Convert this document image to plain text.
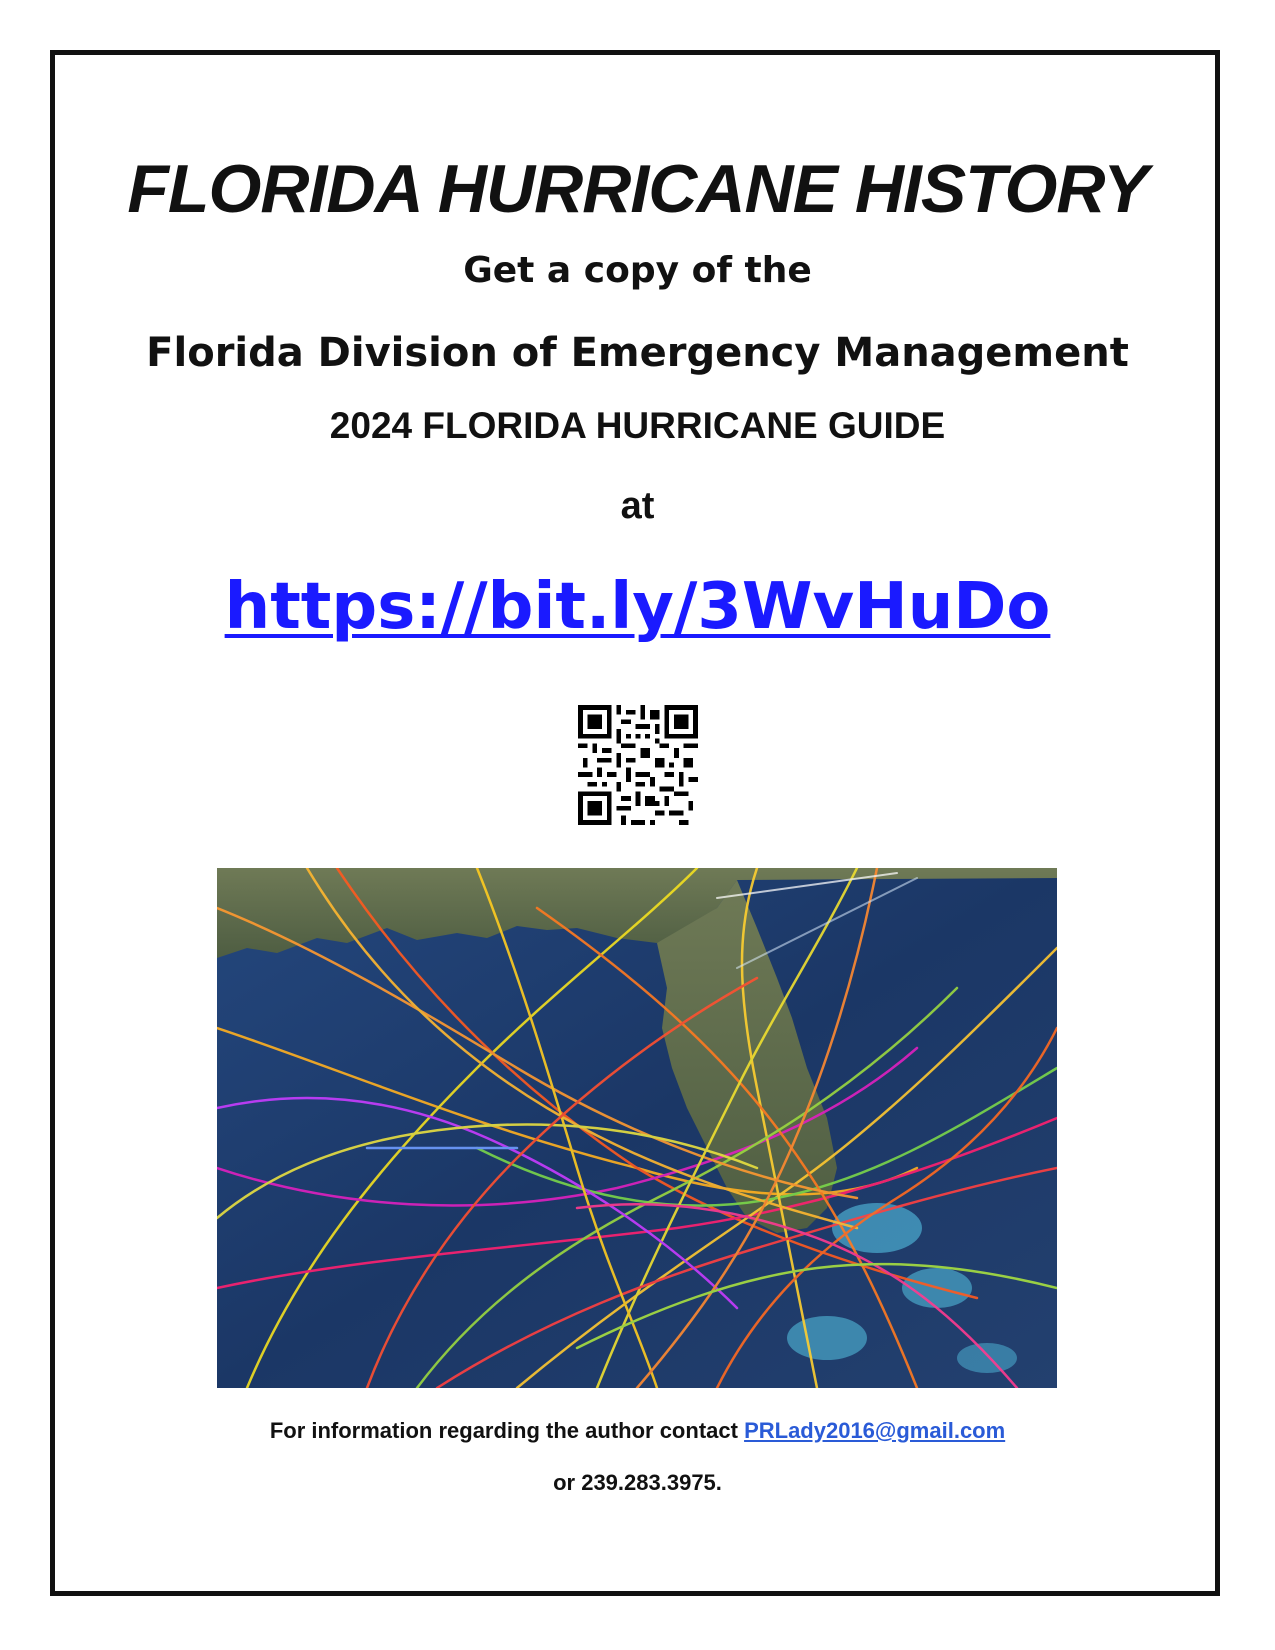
FLORIDA HURRICANE HISTORY

Get a copy of the

Florida Division of Emergency Management

2024 FLORIDA HURRICANE GUIDE

at

https://bit.ly/3WvHuDo

For information regarding the author contact PRLady2016@gmail.com

or 239.283.3975.
